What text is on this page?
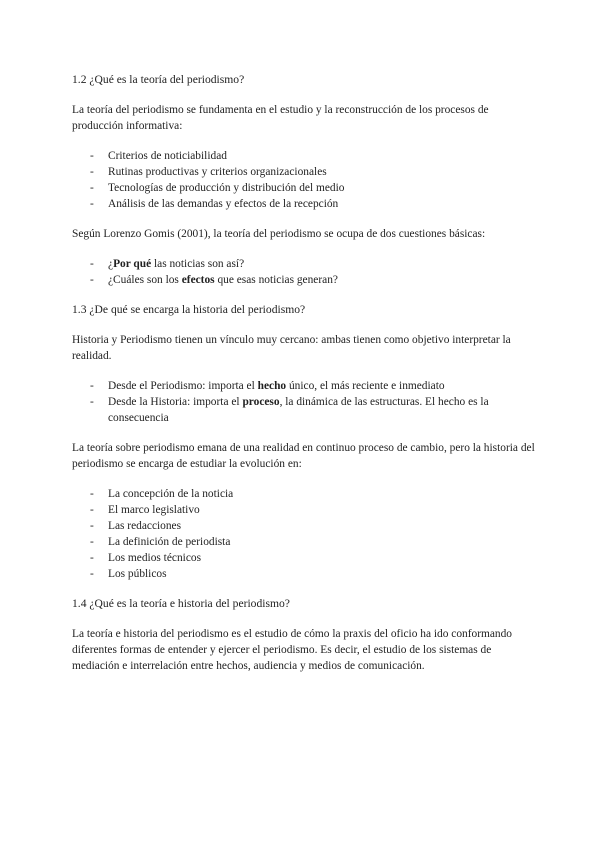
1.2 ¿Qué es la teoría del periodismo?

La teoría del periodismo se fundamenta en el estudio y la reconstrucción de los procesos de producción informativa:

- Criterios de noticiabilidad
- Rutinas productivas y criterios organizacionales
- Tecnologías de producción y distribución del medio
- Análisis de las demandas y efectos de la recepción

Según Lorenzo Gomis (2001), la teoría del periodismo se ocupa de dos cuestiones básicas:

- ¿Por qué las noticias son así?
- ¿Cuáles son los efectos que esas noticias generan?

1.3 ¿De qué se encarga la historia del periodismo?

Historia y Periodismo tienen un vínculo muy cercano: ambas tienen como objetivo interpretar la realidad.

- Desde el Periodismo: importa el hecho único, el más reciente e inmediato
- Desde la Historia: importa el proceso, la dinámica de las estructuras. El hecho es la consecuencia

La teoría sobre periodismo emana de una realidad en continuo proceso de cambio, pero la historia del periodismo se encarga de estudiar la evolución en:

- La concepción de la noticia
- El marco legislativo
- Las redacciones
- La definición de periodista
- Los medios técnicos
- Los públicos

1.4 ¿Qué es la teoría e historia del periodismo?

La teoría e historia del periodismo es el estudio de cómo la praxis del oficio ha ido conformando diferentes formas de entender y ejercer el periodismo. Es decir, el estudio de los sistemas de mediación e interrelación entre hechos, audiencia y medios de comunicación.
